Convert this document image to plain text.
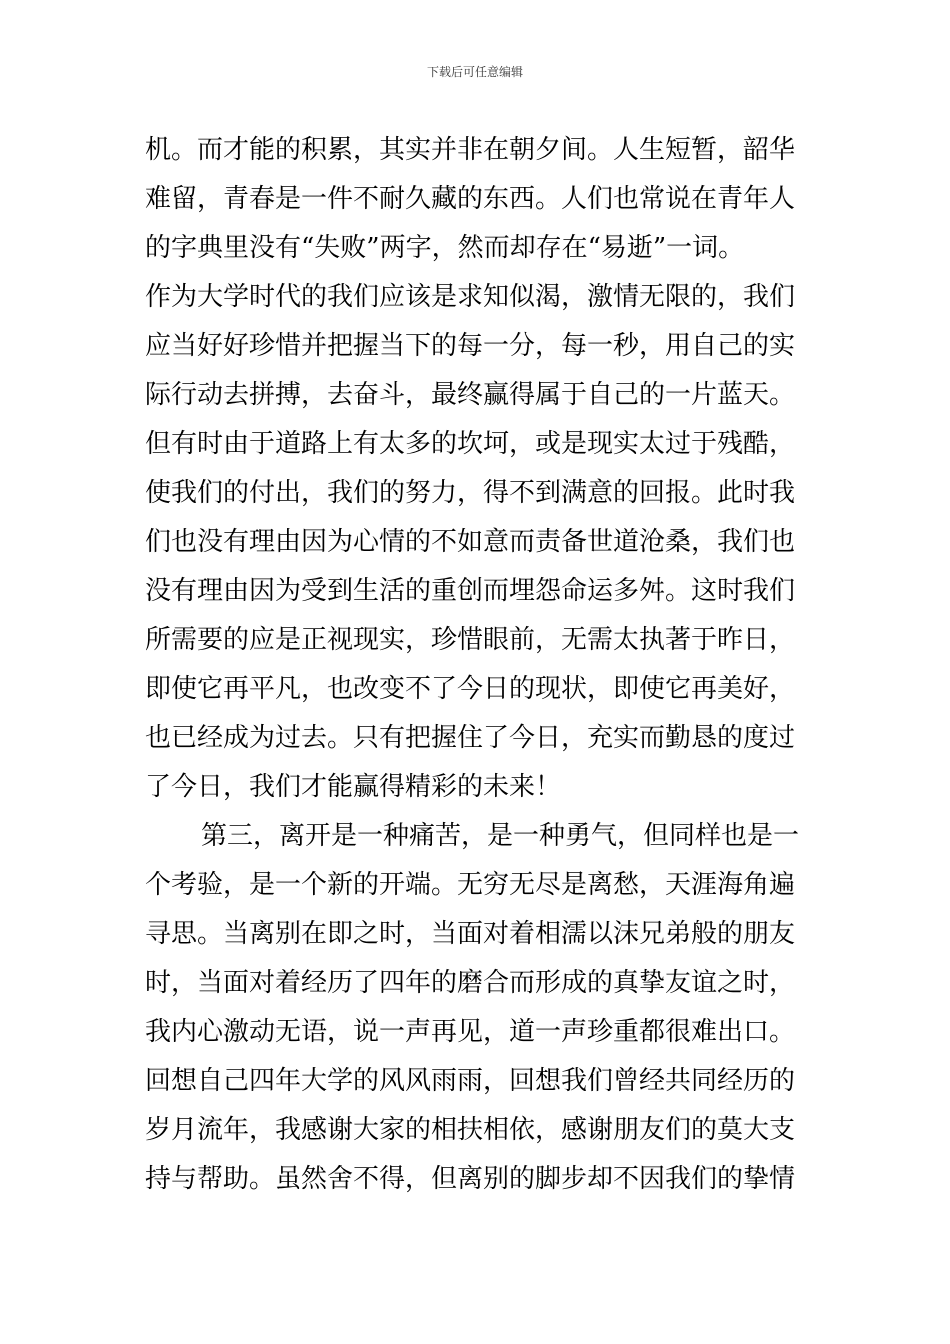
下载后可任意编辑
机。而才能的积累，其实并非在朝夕间。人生短暂，韶华
难留，青春是一件不耐久藏的东西。人们也常说在青年人
的字典里没有“失败”两字，然而却存在“易逝”一词。
作为大学时代的我们应该是求知似渴，激情无限的，我们
应当好好珍惜并把握当下的每一分，每一秒，用自己的实
际行动去拼搏，去奋斗，最终赢得属于自己的一片蓝天。
但有时由于道路上有太多的坎坷，或是现实太过于残酷，
使我们的付出，我们的努力，得不到满意的回报。此时我
们也没有理由因为心情的不如意而责备世道沧桑，我们也
没有理由因为受到生活的重创而埋怨命运多舛。这时我们
所需要的应是正视现实，珍惜眼前，无需太执著于昨日，
即使它再平凡，也改变不了今日的现状，即使它再美好，
也已经成为过去。只有把握住了今日，充实而勤恳的度过
了今日，我们才能赢得精彩的未来！
第三，离开是一种痛苦，是一种勇气，但同样也是一
个考验，是一个新的开端。无穷无尽是离愁，天涯海角遍
寻思。当离别在即之时，当面对着相濡以沫兄弟般的朋友
时，当面对着经历了四年的磨合而形成的真挚友谊之时，
我内心激动无语，说一声再见，道一声珍重都很难出口。
回想自己四年大学的风风雨雨，回想我们曾经共同经历的
岁月流年，我感谢大家的相扶相依，感谢朋友们的莫大支
持与帮助。虽然舍不得，但离别的脚步却不因我们的挚情
